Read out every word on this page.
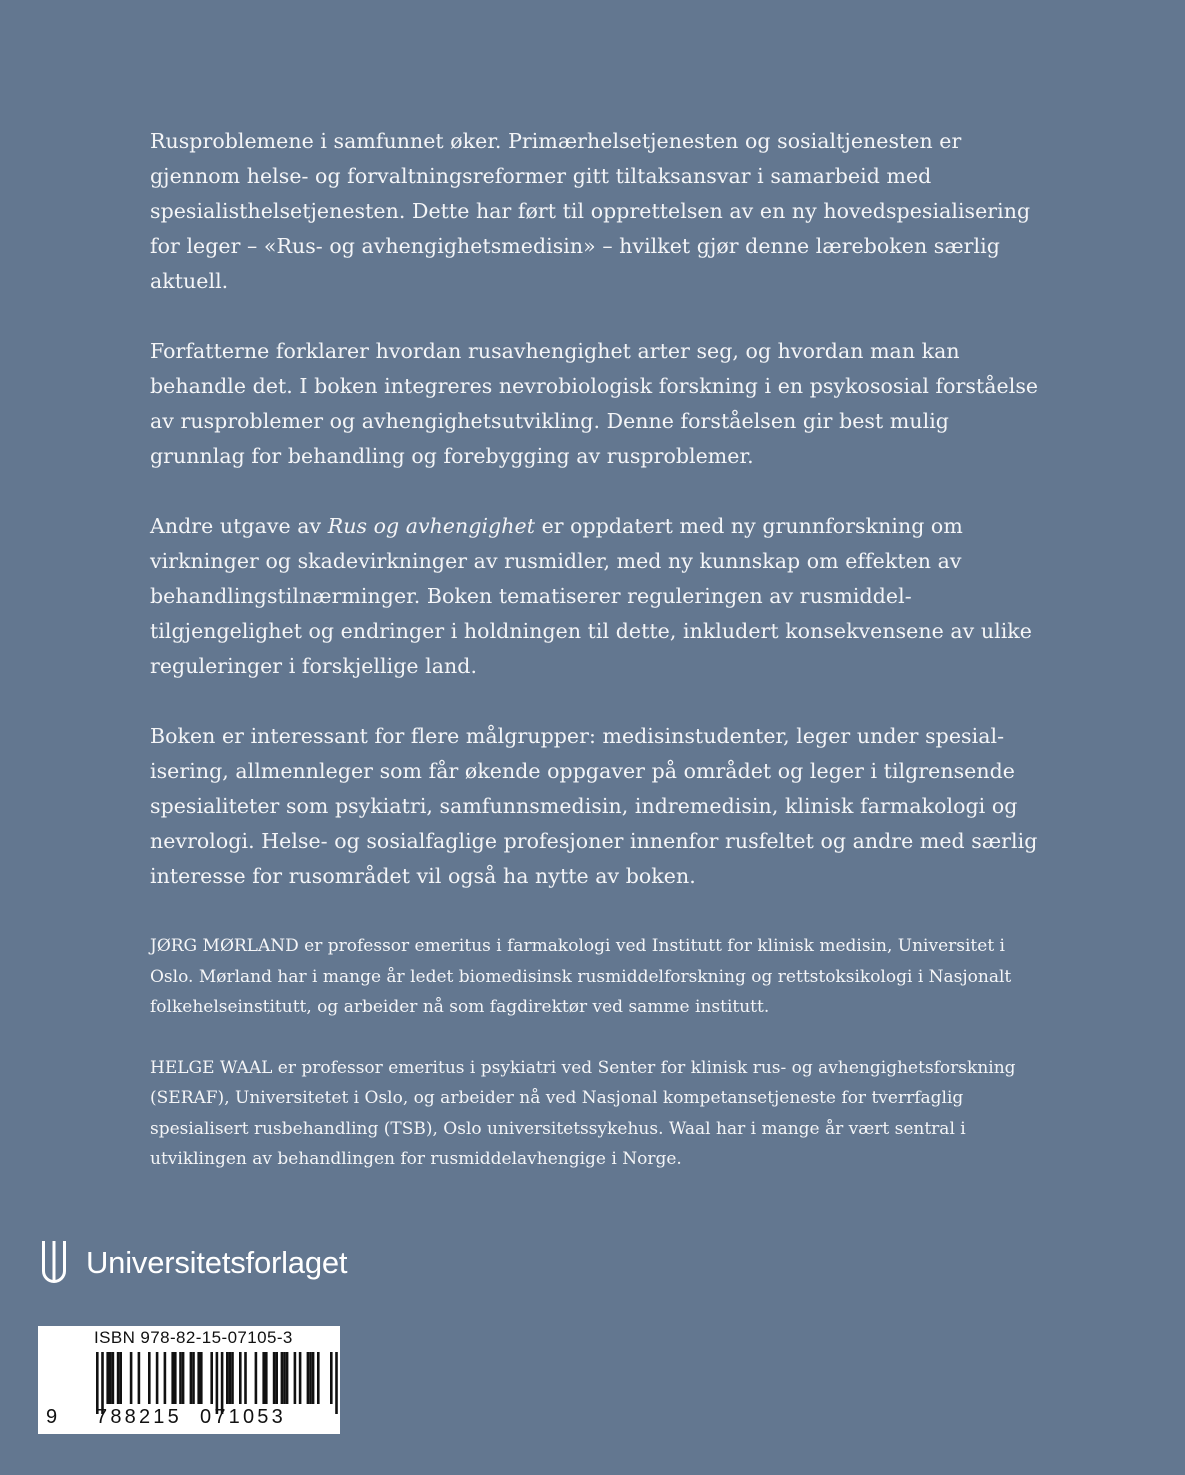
Rusproblemene i samfunnet øker. Primærhelsetjenesten og sosialtjenesten er gjennom helse- og forvaltningsreformer gitt tiltaksansvar i samarbeid med spesialisthelsetjenesten. Dette har ført til opprettelsen av en ny hovedspesialisering for leger – «Rus- og avhengighetsmedisin» – hvilket gjør denne læreboken særlig aktuell.

Forfatterne forklarer hvordan rusavhengighet arter seg, og hvordan man kan behandle det. I boken integreres nevrobiologisk forskning i en psykososial forståelse av rusproblemer og avhengighetsutvikling. Denne forståelsen gir best mulig grunnlag for behandling og forebygging av rusproblemer.

Andre utgave av Rus og avhengighet er oppdatert med ny grunnforskning om virkninger og skadevirkninger av rusmidler, med ny kunnskap om effekten av behandlingstilnærminger. Boken tematiserer reguleringen av rusmiddeltilgjengelighet og endringer i holdningen til dette, inkludert konsekvensene av ulike reguleringer i forskjellige land.

Boken er interessant for flere målgrupper: medisinstudenter, leger under spesialisering, allmennleger som får økende oppgaver på området og leger i tilgrensende spesialiteter som psykiatri, samfunnsmedisin, indremedisin, klinisk farmakologi og nevrologi. Helse- og sosialfaglige profesjoner innenfor rusfeltet og andre med særlig interesse for rusområdet vil også ha nytte av boken.

JØRG MØRLAND er professor emeritus i farmakologi ved Institutt for klinisk medisin, Universitet i Oslo. Mørland har i mange år ledet biomedisinsk rusmiddelforskning og rettstoksikologi i Nasjonalt folkehelseinstitutt, og arbeider nå som fagdirektør ved samme institutt.

HELGE WAAL er professor emeritus i psykiatri ved Senter for klinisk rus- og avhengighetsforskning (SERAF), Universitetet i Oslo, og arbeider nå ved Nasjonal kompetansetjeneste for tverrfaglig spesialisert rusbehandling (TSB), Oslo universitetssykehus. Waal har i mange år vært sentral i utviklingen av behandlingen for rusmiddelavhengige i Norge.

Universitetsforlaget
ISBN 978-82-15-07105-3
9 788215 071053
